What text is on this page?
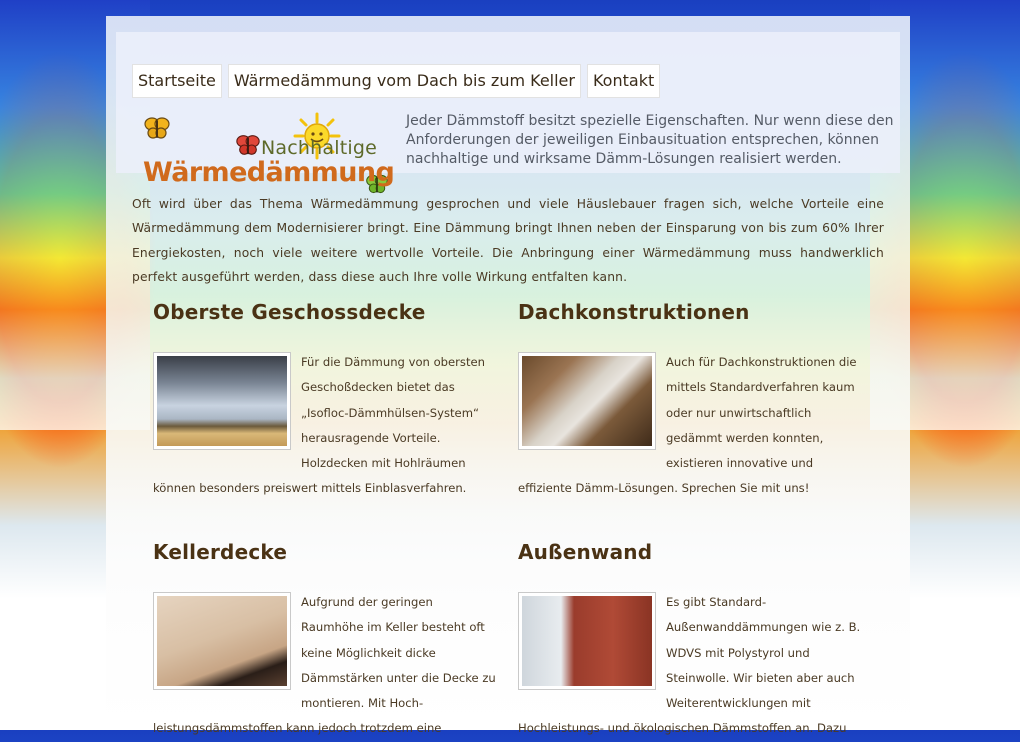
Startseite	Wärmedämmung vom Dach bis zum Keller	Kontakt
Nachhaltige
Wärmedämmung
Jeder Dämmstoff besitzt spezielle Eigenschaften. Nur wenn diese den Anforderungen der jeweiligen Einbausituation entsprechen, können nachhaltige und wirksame Dämm-Lösungen realisiert werden.

Oft wird über das Thema Wärmedämmung gesprochen und viele Häuslebauer fragen sich, welche Vorteile eine Wärmedämmung dem Modernisierer bringt. Eine Dämmung bringt Ihnen neben der Einsparung von bis zum 60% Ihrer Energiekosten, noch viele weitere wertvolle Vorteile. Die Anbringung einer Wärmedämmung muss handwerklich perfekt ausgeführt werden, dass diese auch Ihre volle Wirkung entfalten kann.

Oberste Geschossdecke
Für die Dämmung von obersten Geschoßdecken bietet das „Isofloc-Dämmhülsen-System“ herausragende Vorteile. Holzdecken mit Hohlräumen können besonders preiswert mittels Einblasverfahren.
Dachkonstruktionen
Auch für Dachkonstruktionen die mittels Standardverfahren kaum oder nur unwirtschaftlich gedämmt werden konnten, existieren innovative und effiziente Dämm-Lösungen. Sprechen Sie mit uns!
Kellerdecke
Aufgrund der geringen Raumhöhe im Keller besteht oft keine Möglichkeit dicke Dämmstärken unter die Decke zu montieren. Mit Hoch-leistungsdämmstoffen kann jedoch trotzdem eine
Außenwand
Es gibt Standard-Außenwanddämmungen wie z. B. WDVS mit Polystyrol und Steinwolle. Wir bieten aber auch Weiterentwicklungen mit Hochleistungs- und ökologischen Dämmstoffen an. Dazu
